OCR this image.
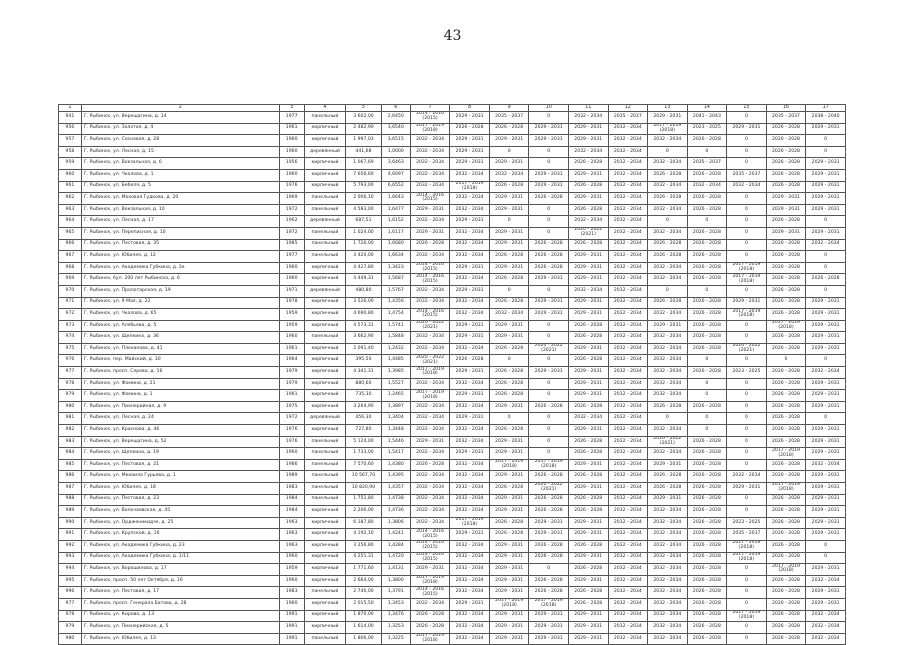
43
1	2	3	4	5	6	7	8	9	10	11	12	13	14	15	16	17
941	Г. Рыбинск, ул. Верещагина, д. 14	1977	панельный	3 602,00	2,6450	2014 - 2016 (2015)	2029 - 2031	2035 - 2037	0	2032 - 2034	2035 - 2037	2029 - 2031	2041 - 2043	0	2035 - 2037	2038 - 2040
956	Г. Рыбинск, ул. Золотая, д. 4	1961	кирпичный	2 482,90	3,6540	2017 - 2019 (2018)	2026 - 2028	2026 - 2028	2029 - 2031	2029 - 2031	2032 - 2034	2017 - 2019 (2018)	2023 - 2025	2029 - 2031	2026 - 2028	2029 - 2031
957	Г. Рыбинск, ул. Сосновая, д. 28	1960	кирпичный	1 997,03	3,6515	2032 - 2034	2029 - 2031	2029 - 2031	2029 - 2031	2029 - 2031	2032 - 2034	2032 - 2034	2026 - 2028	0	2026 - 2028	0
958	Г. Рыбинск, ул. Лесная, д. 15	1960	деревянный	441,68	1,0000	2032 - 2034	2029 - 2031	0	0	2032 - 2034	2032 - 2034	0	0	0	2026 - 2028	0
959	Г. Рыбинск, ул. Вокзальная, д. 6	1956	кирпичный	1 067,69	3,6463	2032 - 2034	2029 - 2031	2029 - 2031	0	2026 - 2028	2032 - 2034	2032 - 2034	2035 - 2037	0	2026 - 2028	2029 - 2031
960	Г. Рыбинск, ул. Чкалова, д. 1	1960	кирпичный	7 656,60	4,6097	2032 - 2034	2032 - 2034	2032 - 2034	2029 - 2031	2029 - 2031	2032 - 2034	2026 - 2028	2026 - 2028	2035 - 2037	2026 - 2028	2029 - 2031
961	Г. Рыбинск, ул. Бебеля, д. 5	1976	кирпичный	5 793,00	6,6552	2032 - 2034	2017 - 2019 (2018)	2026 - 2028	2029 - 2031	2026 - 2028	2032 - 2034	2032 - 2034	2032 - 2034	2032 - 2034	2026 - 2028	2029 - 2031
962	Г. Рыбинск, ул. Моховая Гудкова, д. 20	1969	панельный	2 006,10	1,6643	2014 - 2016 (2015)	2032 - 2034	2029 - 2031	2026 - 2028	2029 - 2031	2032 - 2034	2026 - 2028	2026 - 2028	0	2029 - 2031	2029 - 2031
963	Г. Рыбинск, ул. Вокзальная, д. 10	1972	панельный	4 583,00	1,6477	2029 - 2031	2032 - 2034	2029 - 2031	0	2026 - 2028	2032 - 2034	2032 - 2034	2026 - 2028	0	2029 - 2031	2029 - 2031
964	Г. Рыбинск, ул. Лесная, д. 17	1962	деревянный	687,51	1,6152	2032 - 2034	2029 - 2031	0	0	2032 - 2034	2032 - 2034	0	0	0	2026 - 2028	0
965	Г. Рыбинск, ул. Переписная, д. 10	1972	панельный	1 024,00	1,6117	2029 - 2031	2032 - 2034	2029 - 2031	0	2020 - 2022 (2021)	2032 - 2034	2032 - 2034	2026 - 2028	0	2029 - 2031	2029 - 2031
966	Г. Рыбинск, ул. Пестовая, д. 35	1985	панельный	1 726,00	1,6680	2026 - 2028	2032 - 2034	2029 - 2031	2026 - 2028	2026 - 2028	2032 - 2034	2026 - 2028	2026 - 2028	0	2026 - 2028	2032 - 2034
967	Г. Рыбинск, ул. Юбилея, д. 12	1977	панельный	3 420,00	1,6634	2032 - 2034	2032 - 2034	2026 - 2028	2026 - 2028	2029 - 2031	2032 - 2034	2026 - 2028	2026 - 2028	0	2026 - 2028	0
968	Г. Рыбинск, ул. Академика Губкина, д. 3а	1960	кирпичный	4 427,80	1,3423	2014 - 2016 (2015)	2029 - 2031	2029 - 2031	2026 - 2028	2029 - 2031	2032 - 2034	2032 - 2034	2026 - 2028	2017 - 2019 (2018)	2026 - 2028	0
969	Г. Рыбинск, бул. 200 лет Рыбинска, д. 6	1960	кирпичный	4 449,31	1,5687	2014 - 2016 (2015)	2032 - 2034	2026 - 2028	2029 - 2031	2029 - 2031	2032 - 2034	2032 - 2034	2026 - 2028	2017 - 2019 (2018)	2026 - 2028	2026 - 2028
970	Г. Рыбинск, ул. Пролетарская, д. 19	1971	деревянный	480,80	1,5767	2032 - 2034	2029 - 2031	0	0	2032 - 2034	2032 - 2034	0	0	0	2026 - 2028	0
971	Г. Рыбинск, ул. 9 Мая, д. 22	1978	кирпичный	3 526,00	1,4356	2032 - 2034	2032 - 2034	2026 - 2028	2029 - 2031	2029 - 2031	2032 - 2034	2026 - 2028	2026 - 2028	2029 - 2031	2026 - 2028	2029 - 2031
972	Г. Рыбинск, ул. Чкалова, д. 65	1959	кирпичный	4 690,80	1,4754	2014 - 2016 (2015)	2032 - 2034	2032 - 2034	2029 - 2031	2029 - 2031	2032 - 2034	2032 - 2034	2026 - 2028	2017 - 2019 (2018)	2026 - 2028	2029 - 2031
973	Г. Рыбинск, ул. Алябьева, д. 5	1959	кирпичный	4 573,31	1,5741	2020 - 2022 (2021)	2029 - 2031	2029 - 2031	0	2026 - 2028	2032 - 2034	2029 - 2031	2026 - 2028	0	2017 - 2019 (2018)	2029 - 2031
974	Г. Рыбинск, ул. Щепкина, д. 36	1960	панельный	3 662,90	1,5848	2032 - 2034	2029 - 2031	2029 - 2031	0	2026 - 2028	2032 - 2034	2032 - 2034	2026 - 2028	0	2026 - 2028	2029 - 2031
975	Г. Рыбинск, ул. Плеханова, д. 41	1961	кирпичный	2 091,40	1,2432	2032 - 2034	2032 - 2034	2026 - 2028	2020 - 2022 (2021)	2029 - 2031	2032 - 2034	2032 - 2034	2026 - 2028	2020 - 2022 (2021)	2026 - 2028	2029 - 2031
976	Г. Рыбинск, пер. Майский, д. 30	1964	кирпичный	395,50	1,4485	2020 - 2022 (2021)	2026 - 2028	0	0	2026 - 2028	2032 - 2034	2032 - 2034	0	0	0	0
977	Г. Рыбинск, просп. Серова, д. 16	1979	кирпичный	4 341,31	1,3985	2017 - 2019 (2018)	2029 - 2031	2026 - 2028	2029 - 2031	2029 - 2031	2032 - 2034	2032 - 2034	2026 - 2028	2023 - 2025	2026 - 2028	2032 - 2034
978	Г. Рыбинск, ул. Фомина, д. 21	1979	кирпичный	880,60	1,5527	2032 - 2034	2032 - 2034	2026 - 2028	0	2029 - 2031	2032 - 2034	2032 - 2034	0	0	2026 - 2028	2029 - 2031
979	Г. Рыбинск, ул. Фомина, д. 1	1961	кирпичный	735,30	1,2465	2017 - 2019 (2018)	2029 - 2031	2026 - 2028	0	2029 - 2031	2032 - 2034	2032 - 2034	0	0	2026 - 2028	2029 - 2031
980	Г. Рыбинск, ул. Пионерийная, д. 9	1975	кирпичный	3 264,90	1,3897	2032 - 2034	2032 - 2034	2029 - 2031	2026 - 2028	2026 - 2028	2032 - 2034	2026 - 2028	2026 - 2028	0	2026 - 2028	2029 - 2031
981	Г. Рыбинск, ул. Лесная, д. 24	1972	деревянный	456,30	1,3404	2032 - 2034	2029 - 2031	0	0	2032 - 2034	2032 - 2034	0	0	0	2026 - 2028	0
982	Г. Рыбинск, ул. Краснова, д. 46	1976	кирпичный	727,80	1,3448	2032 - 2034	2032 - 2034	2026 - 2028	0	2029 - 2031	2032 - 2034	2032 - 2034	0	0	2026 - 2028	2029 - 2031
983	Г. Рыбинск, ул. Верещагина, д. 52	1976	панельный	5 124,00	1,5446	2029 - 2031	2032 - 2034	2029 - 2031	0	2026 - 2028	2032 - 2034	2020 - 2022 (2021)	2026 - 2028	0	2026 - 2028	2029 - 2031
984	Г. Рыбинск, ул. Щепкина, д. 19	1960	панельный	1 733,00	1,5417	2032 - 2034	2029 - 2031	2029 - 2031	0	2026 - 2028	2032 - 2034	2032 - 2034	2026 - 2028	0	2017 - 2019 (2018)	2029 - 2031
985	Г. Рыбинск, ул. Пестовая, д. 21	1986	панельный	7 570,60	1,4380	2026 - 2028	2032 - 2034	2017 - 2019 (2018)	2017 - 2019 (2018)	2029 - 2031	2032 - 2034	2029 - 2031	2026 - 2028	0	2026 - 2028	2032 - 2034
986	Г. Рыбинск, ул. Михаила Гурьева, д. 1	1989	панельный	10 567,70	1,4395	2032 - 2034	2032 - 2034	2029 - 2031	2026 - 2028	2026 - 2028	2032 - 2034	2026 - 2028	2026 - 2028	2032 - 2034	2026 - 2028	2029 - 2031
987	Г. Рыбинск, ул. Юбилея, д. 18	1983	панельный	10 820,90	1,4357	2032 - 2034	2032 - 2034	2026 - 2028	2020 - 2022 (2021)	2029 - 2031	2032 - 2034	2026 - 2028	2026 - 2028	2029 - 2031	2017 - 2019 (2018)	2029 - 2031
988	Г. Рыбинск, ул. Пестовая, д. 23	1984	панельный	1 751,80	1,4738	2032 - 2034	2032 - 2034	2029 - 2031	2026 - 2028	2026 - 2028	2032 - 2034	2029 - 2031	2026 - 2028	0	2026 - 2028	2029 - 2031
989	Г. Рыбинск, ул. Волочаевская, д. 45	1984	кирпичный	2 206,00	1,4736	2032 - 2034	2032 - 2034	2029 - 2031	2026 - 2028	2026 - 2028	2032 - 2034	2032 - 2034	2026 - 2028	0	2026 - 2028	2029 - 2031
990	Г. Рыбинск, ул. Орджоникидзе, д. 25	1963	кирпичный	6 187,80	1,3806	2032 - 2034	2017 - 2019 (2018)	2026 - 2028	2029 - 2031	2029 - 2031	2032 - 2034	2032 - 2034	2026 - 2028	2023 - 2025	2026 - 2028	2029 - 2031
991	Г. Рыбинск, ул. Крупской, д. 16	1963	кирпичный	4 192,10	1,4241	2014 - 2016 (2015)	2029 - 2031	2026 - 2028	2029 - 2031	2029 - 2031	2032 - 2034	2032 - 2034	2026 - 2028	2035 - 2037	2026 - 2028	2029 - 2031
992	Г. Рыбинск, ул. Академика Губкина, д. 23	1963	кирпичный	3 256,80	1,4284	2014 - 2016 (2015)	2032 - 2034	2029 - 2031	2026 - 2028	2026 - 2028	2032 - 2034	2032 - 2034	2026 - 2028	2017 - 2019 (2018)	2026 - 2028	0
993	Г. Рыбинск, ул. Академика Губкина, д. 1/11	1960	кирпичный	4 251,31	1,4720	2014 - 2016 (2015)	2032 - 2034	2029 - 2031	2026 - 2028	2029 - 2031	2032 - 2034	2032 - 2034	2026 - 2028	2017 - 2019 (2018)	2026 - 2028	0
994	Г. Рыбинск, ул. Ворошилова, д. 17	1959	кирпичный	1 771,60	1,4131	2029 - 2031	2032 - 2034	2029 - 2031	0	2026 - 2028	2032 - 2034	2032 - 2034	2026 - 2028	0	2017 - 2019 (2018)	2029 - 2031
995	Г. Рыбинск, просп. 50 лет Октября, д. 16	1960	кирпичный	2 664,00	1,3800	2017 - 2019 (2018)	2032 - 2034	2029 - 2031	2026 - 2028	2029 - 2031	2032 - 2034	2032 - 2034	2026 - 2028	0	2026 - 2028	2032 - 2034
996	Г. Рыбинск, ул. Пестовая, д. 17	1983	панельный	2 740,00	1,3791	2014 - 2016 (2015)	2032 - 2034	2029 - 2031	2026 - 2028	2026 - 2028	2032 - 2034	2032 - 2034	2026 - 2028	0	2026 - 2028	2029 - 2031
977	Г. Рыбинск, просп. Генерала Батова, д. 28	1960	кирпичный	2 015,50	1,3453	2032 - 2034	2029 - 2031	2017 - 2019 (2018)	2017 - 2019 (2018)	2026 - 2028	2032 - 2034	2032 - 2034	2026 - 2028	0	2026 - 2028	2029 - 2031
978	Г. Рыбинск, ул. Кирова, д. 13	1991	кирпичный	1 870,00	1,3476	2026 - 2028	2032 - 2034	2029 - 2031	2029 - 2031	2029 - 2031	2032 - 2034	2032 - 2034	2026 - 2028	2017 - 2019 (2018)	2026 - 2028	2032 - 2034
979	Г. Рыбинск, ул. Пионерийская, д. 5	1991	кирпичный	1 614,00	1,3253	2026 - 2028	2032 - 2034	2029 - 2031	2029 - 2031	2029 - 2031	2032 - 2034	2032 - 2034	2026 - 2028	0	2026 - 2028	2032 - 2034
980	Г. Рыбинск, ул. Юбилея, д. 13	1991	панельный	1 806,00	1,3225	2017 - 2019 (2018)	2032 - 2034	2029 - 2031	2029 - 2031	2029 - 2031	2032 - 2034	2032 - 2034	2026 - 2028	0	2026 - 2028	2032 - 2034
